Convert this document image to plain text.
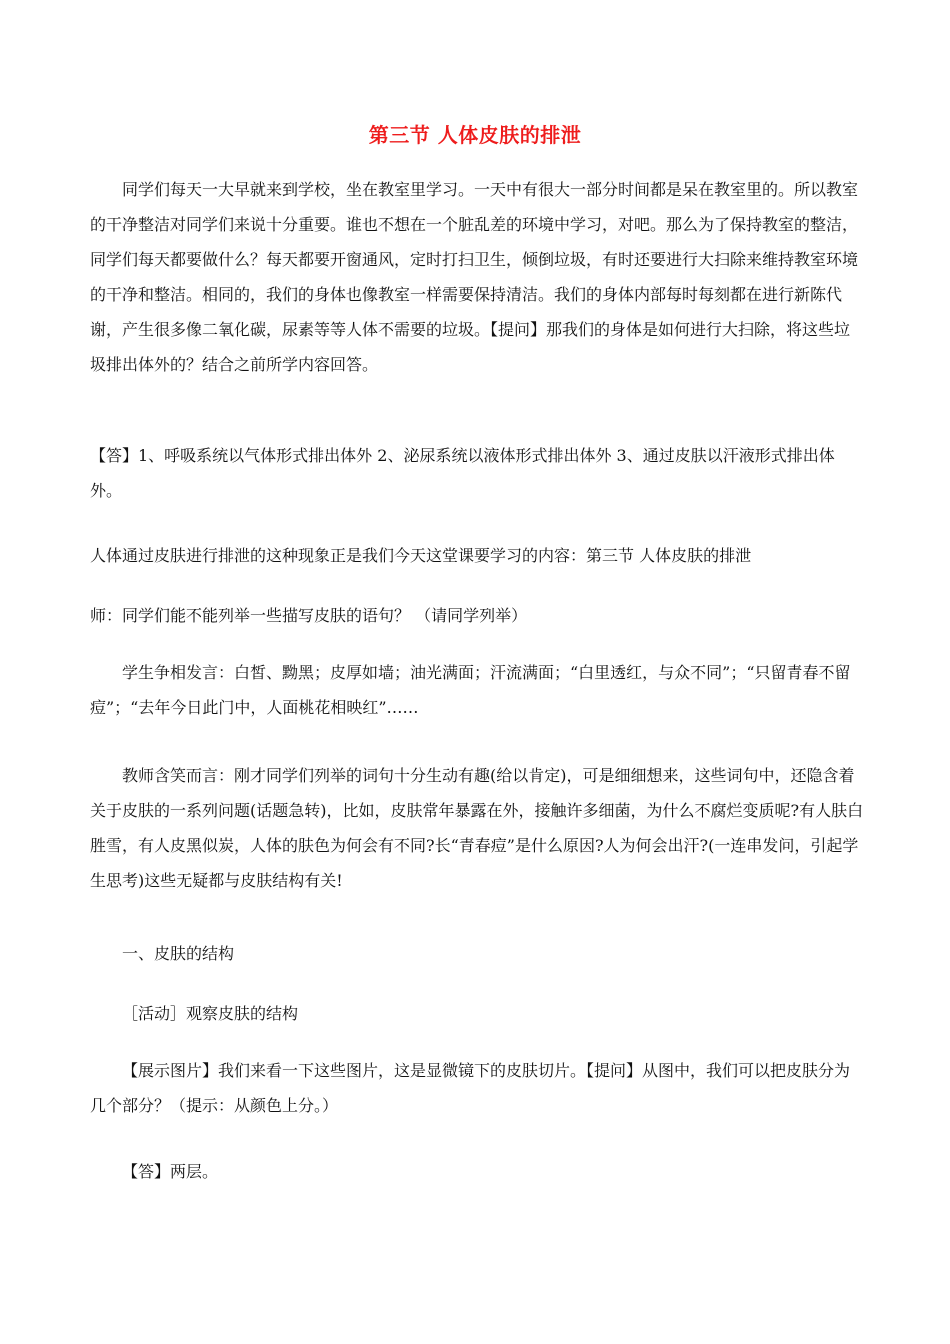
第三节 人体皮肤的排泄

同学们每天一大早就来到学校，坐在教室里学习。一天中有很大一部分时间都是呆在教室里的。所以教室的干净整洁对同学们来说十分重要。谁也不想在一个脏乱差的环境中学习，对吧。那么为了保持教室的整洁，同学们每天都要做什么？每天都要开窗通风，定时打扫卫生，倾倒垃圾，有时还要进行大扫除来维持教室环境的干净和整洁。相同的，我们的身体也像教室一样需要保持清洁。我们的身体内部每时每刻都在进行新陈代谢，产生很多像二氧化碳，尿素等等人体不需要的垃圾。【提问】那我们的身体是如何进行大扫除，将这些垃圾排出体外的？结合之前所学内容回答。

【答】1、呼吸系统以气体形式排出体外 2、泌尿系统以液体形式排出体外 3、通过皮肤以汗液形式排出体外。

人体通过皮肤进行排泄的这种现象正是我们今天这堂课要学习的内容：第三节 人体皮肤的排泄

师：同学们能不能列举一些描写皮肤的语句？ （请同学列举）

学生争相发言：白皙、黝黑；皮厚如墙；油光满面；汗流满面；“白里透红，与众不同”；“只留青春不留痘”；“去年今日此门中，人面桃花相映红”……

教师含笑而言：刚才同学们列举的词句十分生动有趣(给以肯定)，可是细细想来，这些词句中，还隐含着关于皮肤的一系列问题(话题急转)，比如，皮肤常年暴露在外，接触许多细菌，为什么不腐烂变质呢?有人肤白胜雪，有人皮黑似炭，人体的肤色为何会有不同?长“青春痘”是什么原因?人为何会出汗?(一连串发问，引起学生思考)这些无疑都与皮肤结构有关!

一、皮肤的结构

［活动］观察皮肤的结构

【展示图片】我们来看一下这些图片，这是显微镜下的皮肤切片。【提问】从图中，我们可以把皮肤分为几个部分？（提示：从颜色上分。）

【答】两层。
